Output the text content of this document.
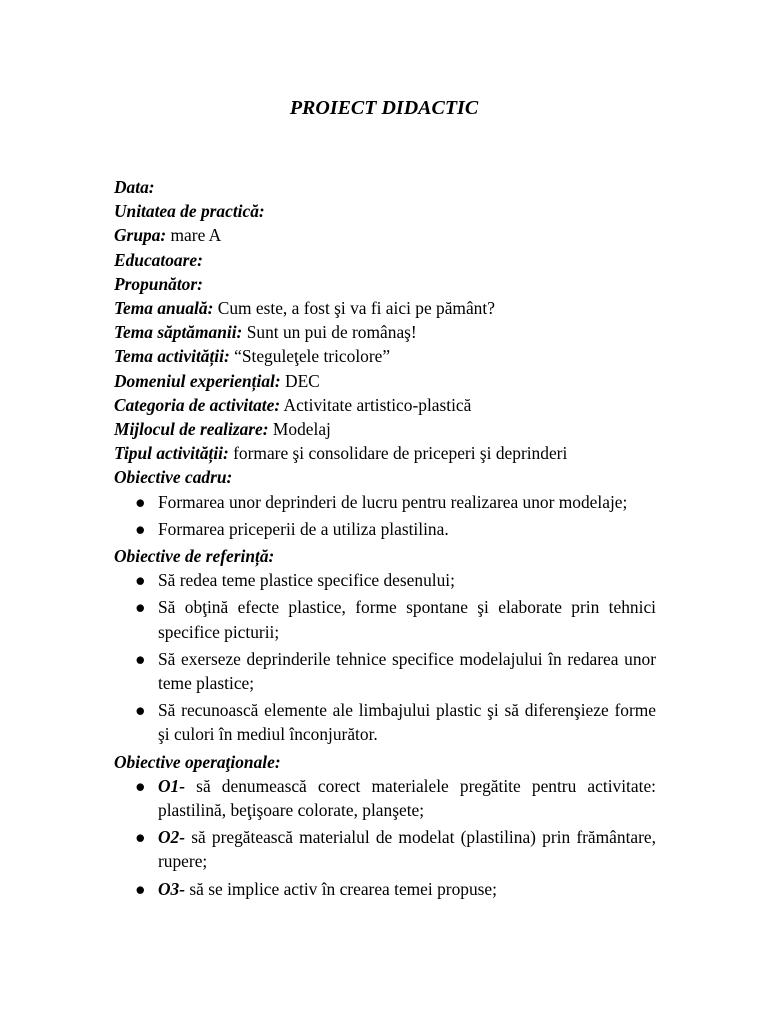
PROIECT DIDACTIC

Data:

Unitatea de practică:

Grupa: mare A

Educatoare:

Propunător:

Tema anuală: Cum este, a fost şi va fi aici pe pământ?

Tema săptămanii: Sunt un pui de românaş!

Tema activității: “Steguleţele tricolore”

Domeniul experiențial: DEC

Categoria de activitate: Activitate artistico-plastică

Mijlocul de realizare: Modelaj

Tipul activității: formare şi consolidare de priceperi şi deprinderi

Obiective cadru:

● Formarea unor deprinderi de lucru pentru realizarea unor modelaje;
● Formarea priceperii de a utiliza plastilina.

Obiective de referință:

● Să redea teme plastice specifice desenului;
● Să obţină efecte plastice, forme spontane şi elaborate prin tehnici specifice picturii;
● Să exerseze deprinderile tehnice specifice modelajului în redarea unor teme plastice;
● Să recunoască elemente ale limbajului plastic şi să diferenşieze forme şi culori în mediul înconjurător.

Obiective operaţionale:

● O1- să denumească corect materialele pregătite pentru activitate: plastilină, beţişoare colorate, planşete;
● O2- să pregătească materialul de modelat (plastilina) prin frământare, rupere;
● O3- să se implice activ în crearea temei propuse;
